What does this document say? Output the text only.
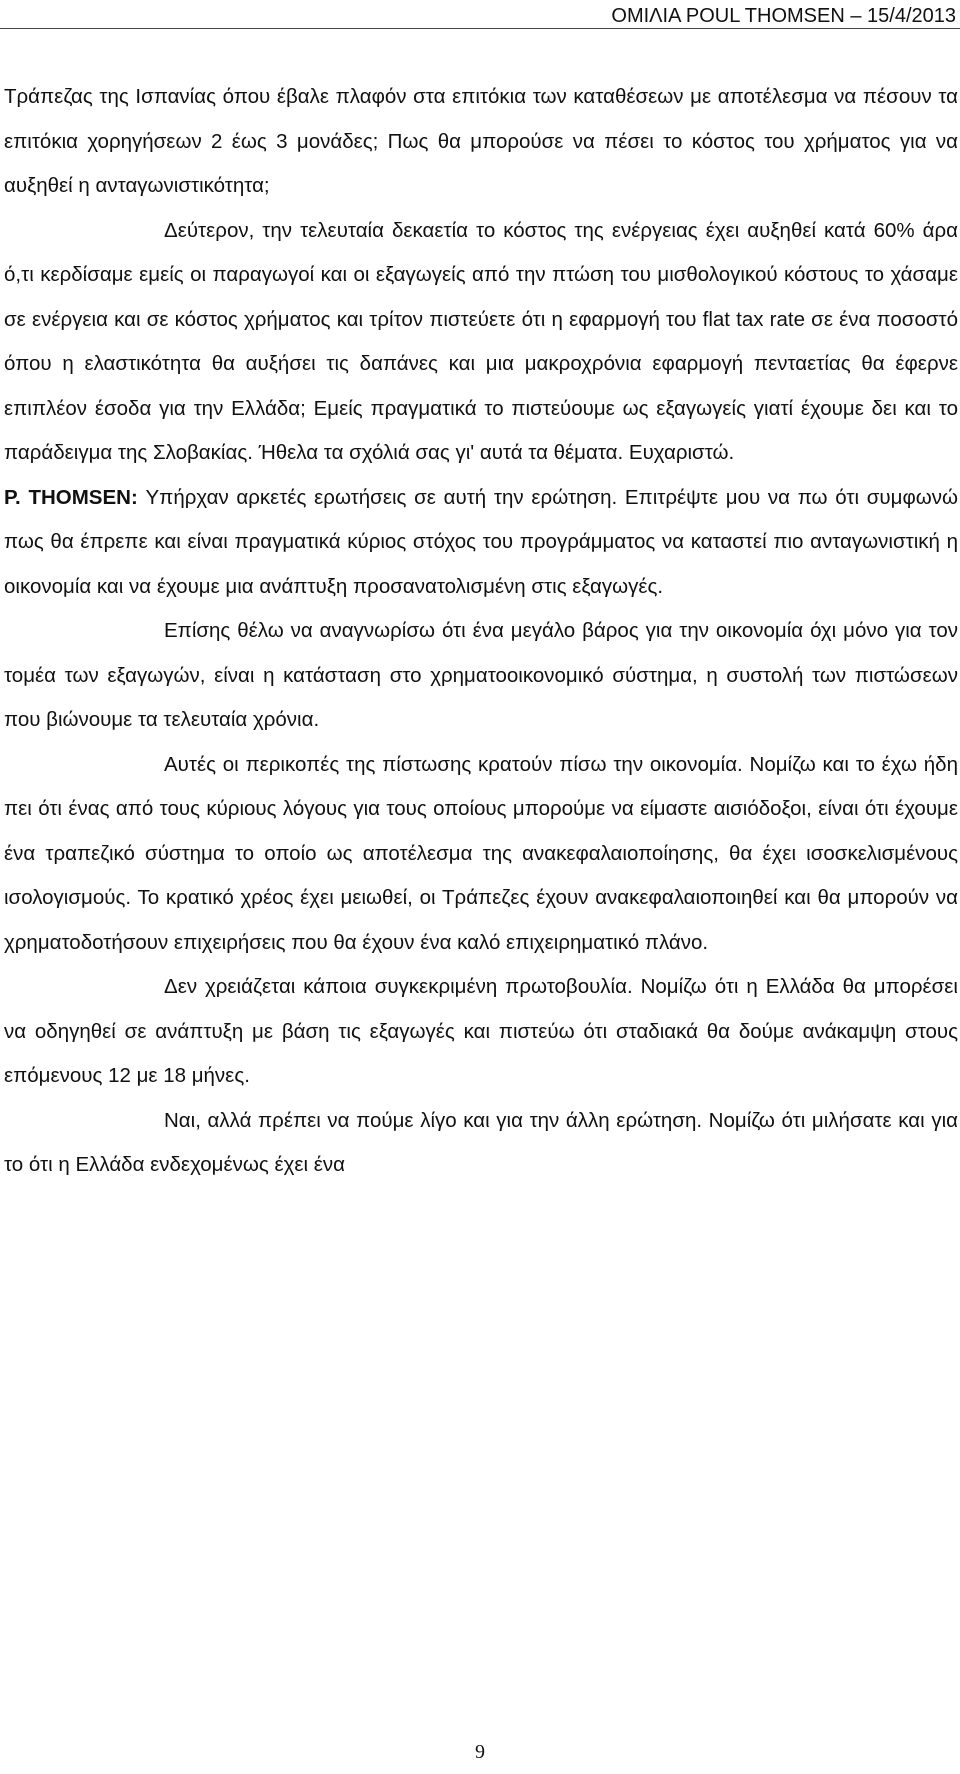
ΟΜΙΛΙΑ POUL THOMSEN – 15/4/2013

Τράπεζας της Ισπανίας όπου έβαλε πλαφόν στα επιτόκια των καταθέσεων με αποτέλεσμα να πέσουν τα επιτόκια χορηγήσεων 2 έως 3 μονάδες; Πως θα μπορούσε να πέσει το κόστος του χρήματος για να αυξηθεί η ανταγωνιστικότητα;

Δεύτερον, την τελευταία δεκαετία το κόστος της ενέργειας έχει αυξηθεί κατά 60% άρα ό,τι κερδίσαμε εμείς οι παραγωγοί και οι εξαγωγείς από την πτώση του μισθολογικού κόστους το χάσαμε σε ενέργεια και σε κόστος χρήματος και τρίτον πιστεύετε ότι η εφαρμογή του flat tax rate σε ένα ποσοστό όπου η ελαστικότητα θα αυξήσει τις δαπάνες και μια μακροχρόνια εφαρμογή πενταετίας θα έφερνε επιπλέον έσοδα για την Ελλάδα; Εμείς πραγματικά το πιστεύουμε ως εξαγωγείς γιατί έχουμε δει και το παράδειγμα της Σλοβακίας. Ήθελα τα σχόλιά σας γι' αυτά τα θέματα. Ευχαριστώ.

P. THOMSEN: Υπήρχαν αρκετές ερωτήσεις σε αυτή την ερώτηση. Επιτρέψτε μου να πω ότι συμφωνώ πως θα έπρεπε και είναι πραγματικά κύριος στόχος του προγράμματος να καταστεί πιο ανταγωνιστική η οικονομία και να έχουμε μια ανάπτυξη προσανατολισμένη στις εξαγωγές.

Επίσης θέλω να αναγνωρίσω ότι ένα μεγάλο βάρος για την οικονομία όχι μόνο για τον τομέα των εξαγωγών, είναι η κατάσταση στο χρηματοοικονομικό σύστημα, η συστολή των πιστώσεων που βιώνουμε τα τελευταία χρόνια.

Αυτές οι περικοπές της πίστωσης κρατούν πίσω την οικονομία. Νομίζω και το έχω ήδη πει ότι ένας από τους κύριους λόγους για τους οποίους μπορούμε να είμαστε αισιόδοξοι, είναι ότι έχουμε ένα τραπεζικό σύστημα το οποίο ως αποτέλεσμα της ανακεφαλαιοποίησης, θα έχει ισοσκελισμένους ισολογισμούς. Το κρατικό χρέος έχει μειωθεί, οι Τράπεζες έχουν ανακεφαλαιοποιηθεί και θα μπορούν να χρηματοδοτήσουν επιχειρήσεις που θα έχουν ένα καλό επιχειρηματικό πλάνο.

Δεν χρειάζεται κάποια συγκεκριμένη πρωτοβουλία. Νομίζω ότι η Ελλάδα θα μπορέσει να οδηγηθεί σε ανάπτυξη με βάση τις εξαγωγές και πιστεύω ότι σταδιακά θα δούμε ανάκαμψη στους επόμενους 12 με 18 μήνες.

Ναι, αλλά πρέπει να πούμε λίγο και για την άλλη ερώτηση. Νομίζω ότι μιλήσατε και για το ότι η Ελλάδα ενδεχομένως έχει ένα

9
